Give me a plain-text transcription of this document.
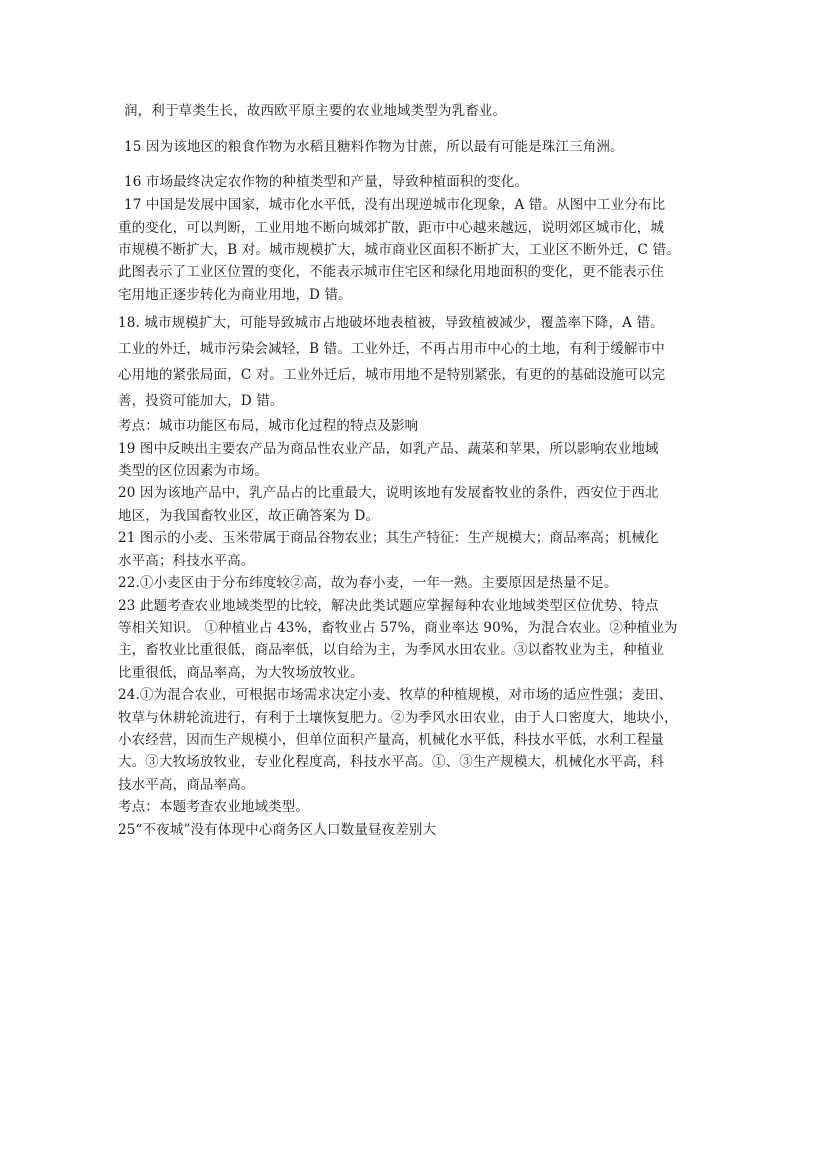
润，利于草类生长，故西欧平原主要的农业地域类型为乳畜业。

15 因为该地区的粮食作物为水稻且糖料作物为甘蔗，所以最有可能是珠江三角洲。

16 市场最终决定农作物的种植类型和产量，导致种植面积的变化。

17 中国是发展中国家，城市化水平低，没有出现逆城市化现象，A 错。从图中工业分布比
重的变化，可以判断，工业用地不断向城郊扩散，距市中心越来越远，说明郊区城市化，城
市规模不断扩大，B 对。城市规模扩大，城市商业区面积不断扩大，工业区不断外迁，C 错。
此图表示了工业区位置的变化，不能表示城市住宅区和绿化用地面积的变化，更不能表示住
宅用地正逐步转化为商业用地，D 错。

18. 城市规模扩大，可能导致城市占地破坏地表植被，导致植被减少，覆盖率下降，A 错。
工业的外迁，城市污染会减轻，B 错。工业外迁，不再占用市中心的土地，有利于缓解市中
心用地的紧张局面，C 对。工业外迁后，城市用地不是特别紧张，有更的的基础设施可以完
善，投资可能加大，D 错。

考点：城市功能区布局，城市化过程的特点及影响

19 图中反映出主要农产品为商品性农业产品，如乳产品、蔬菜和苹果，所以影响农业地域
类型的区位因素为市场。

20 因为该地产品中，乳产品占的比重最大，说明该地有发展畜牧业的条件，西安位于西北
地区，为我国畜牧业区，故正确答案为 D。

21 图示的小麦、玉米带属于商品谷物农业；其生产特征：生产规模大；商品率高；机械化
水平高；科技水平高。

22.①小麦区由于分布纬度较②高，故为春小麦，一年一熟。主要原因是热量不足。

23 此题考查农业地域类型的比较，解决此类试题应掌握每种农业地域类型区位优势、特点
等相关知识。 ①种植业占 43%，畜牧业占 57%，商业率达 90%，为混合农业。②种植业为
主，畜牧业比重很低，商品率低，以自给为主，为季风水田农业。③以畜牧业为主，种植业
比重很低，商品率高，为大牧场放牧业。

24.①为混合农业，可根据市场需求决定小麦、牧草的种植规模，对市场的适应性强；麦田、
牧草与休耕轮流进行，有利于土壤恢复肥力。②为季风水田农业，由于人口密度大，地块小，
小农经营，因而生产规模小，但单位面积产量高，机械化水平低，科技水平低，水利工程量
大。③大牧场放牧业，专业化程度高，科技水平高。①、③生产规模大，机械化水平高，科
技水平高，商品率高。

考点：本题考查农业地域类型。

25“不夜城”没有体现中心商务区人口数量昼夜差别大
